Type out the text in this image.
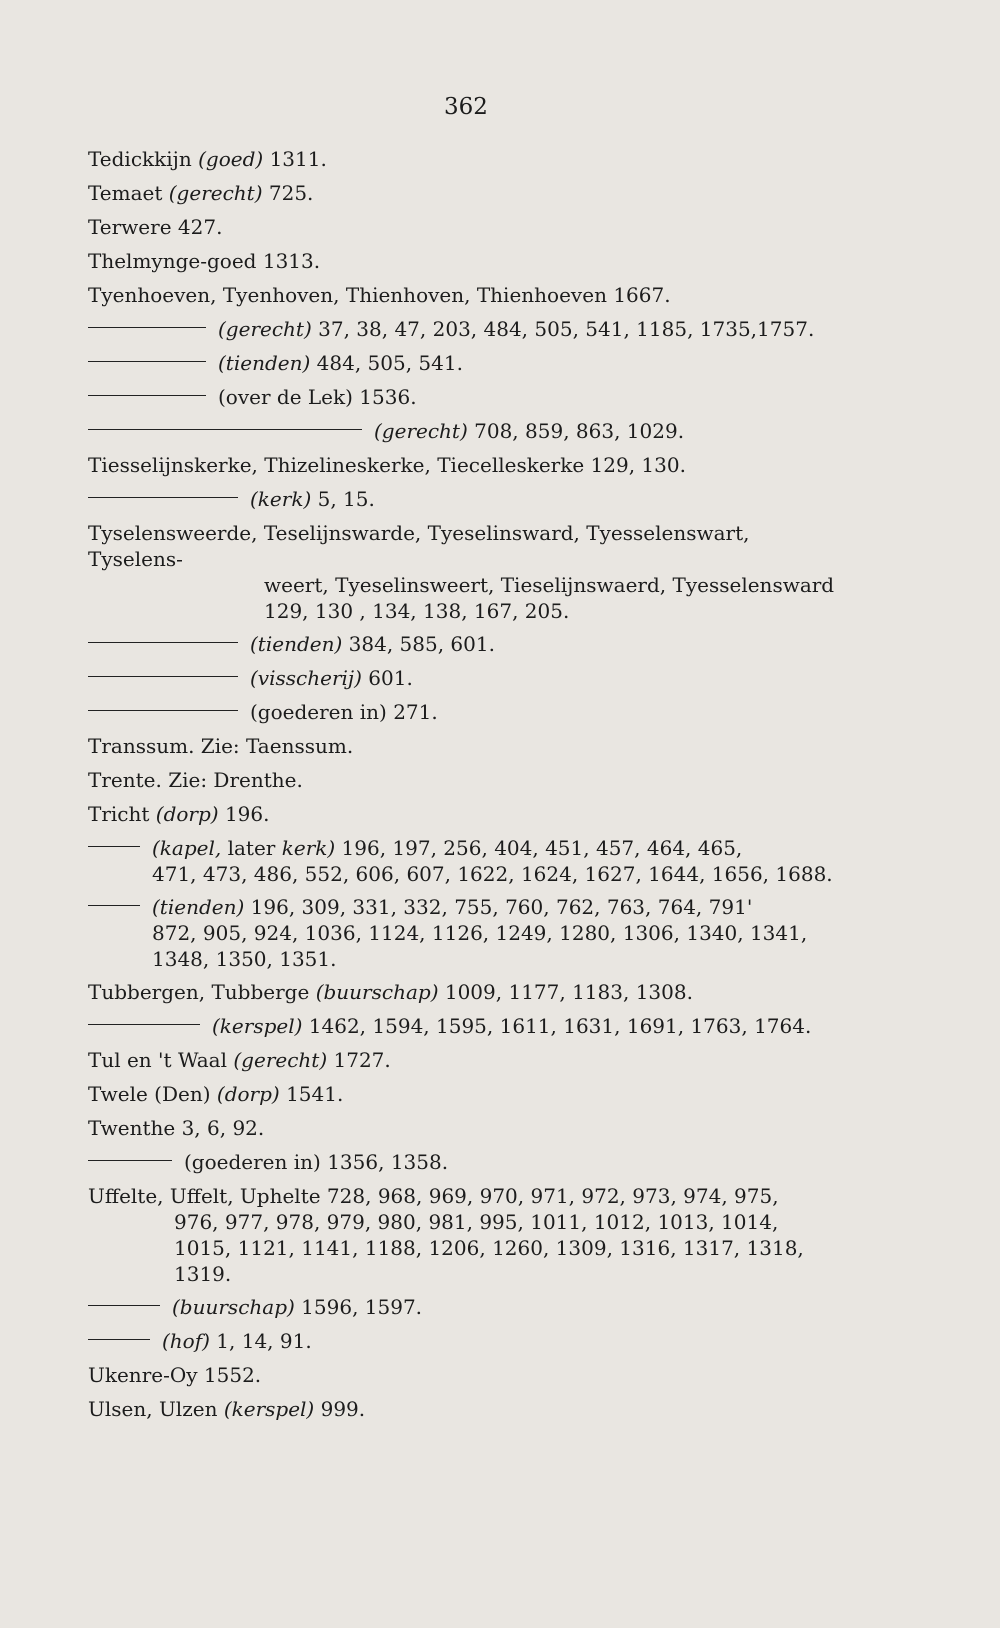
362

Tedickkijn (goed) 1311.

Temaet (gerecht) 725.

Terwere 427.

Thelmynge-goed 1313.

Tyenhoeven, Tyenhoven, Thienhoven, Thienhoeven 1667.

(gerecht) 37, 38, 47, 203, 484, 505, 541, 1185, 1735,1757.

(tienden) 484, 505, 541.

(over de Lek) 1536.

(gerecht) 708, 859, 863, 1029.

Tiesselijnskerke, Thizelineskerke, Tiecelleskerke 129, 130.

(kerk) 5, 15.

Tyselensweerde, Teselijnswarde, Tyeselinsward, Tyesselenswart, Tyselens-
weert, Tyeselinsweert, Tieselijnswaerd, Tyesselensward
129, 130 , 134, 138, 167, 205.

(tienden) 384, 585, 601.

(visscherij) 601.

(goederen in) 271.

Transsum. Zie: Taenssum.

Trente. Zie: Drenthe.

Tricht (dorp) 196.

(kapel, later kerk) 196, 197, 256, 404, 451, 457, 464, 465,
471, 473, 486, 552, 606, 607, 1622, 1624, 1627, 1644, 1656, 1688.

(tienden) 196, 309, 331, 332, 755, 760, 762, 763, 764, 791'
872, 905, 924, 1036, 1124, 1126, 1249, 1280, 1306, 1340, 1341,
1348, 1350, 1351.

Tubbergen, Tubberge (buurschap) 1009, 1177, 1183, 1308.

(kerspel) 1462, 1594, 1595, 1611, 1631, 1691, 1763, 1764.

Tul en 't Waal (gerecht) 1727.

Twele (Den) (dorp) 1541.

Twenthe 3, 6, 92.

(goederen in) 1356, 1358.

Uffelte, Uffelt, Uphelte 728, 968, 969, 970, 971, 972, 973, 974, 975,
976, 977, 978, 979, 980, 981, 995, 1011, 1012, 1013, 1014,
1015, 1121, 1141, 1188, 1206, 1260, 1309, 1316, 1317, 1318, 1319.

(buurschap) 1596, 1597.

(hof) 1, 14, 91.

Ukenre-Oy 1552.

Ulsen, Ulzen (kerspel) 999.
